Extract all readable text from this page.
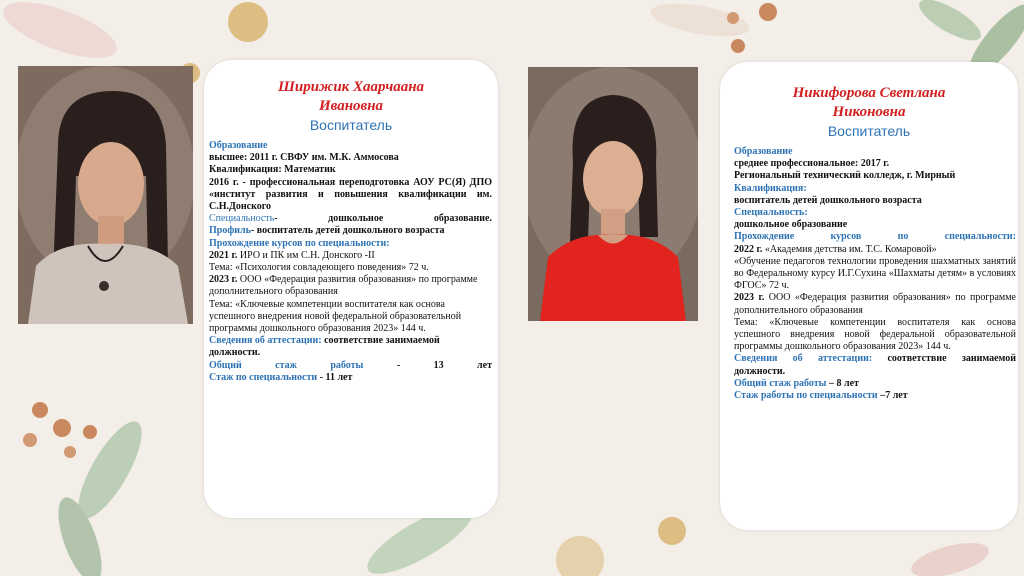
Ширижик Хаарчаана
Ивановна
Воспитатель

Образование

высшее: 2011 г. СВФУ им. М.К. Аммосова

Квалификация: Математик

2016 г. - профессиональная переподготовка АОУ РС(Я) ДПО «институт развития и повышения квалификации им. С.Н.Донского

Специальность- дошкольное образование.

Профиль- воспитатель детей дошкольного возраста

Прохождение курсов по специальности:

2021 г. ИРО и ПК им С.Н. Донского -II

Тема: «Психология совладеющего поведения» 72 ч.

2023 г. ООО «Федерация развития образования» по программе дополнительного образования

Тема: «Ключевые компетенции воспитателя как основа успешного внедрения новой федеральной образовательной программы дошкольного образования 2023» 144 ч.

Сведения об аттестации: соответствие занимаемой должности.

Общий стаж работы	- 13 лет

Стаж по специальности - 11 лет

Никифорова Светлана
Никоновна
Воспитатель

Образование

среднее профессиональное: 2017 г.

Региональный технический колледж, г. Мирный

Квалификация:

воспитатель детей дошкольного возраста

Специальность:

дошкольное образование

Прохождение курсов по специальности:

2022 г. «Академия детства им. Т.С. Комаровой»

«Обучение педагогов технологии проведения шахматных занятий во Федеральному курсу И.Г.Сухина «Шахматы детям» в условиях ФГОС» 72 ч.

2023 г. ООО «Федерация развития образования» по программе дополнительного образования

Тема: «Ключевые компетенции воспитателя как основа успешного внедрения новой федеральной образовательной программы дошкольного образования 2023» 144 ч.

Сведения об аттестации: соответствие занимаемой должности.

Общий стаж работы – 8 лет

Стаж работы по специальности –7 лет
